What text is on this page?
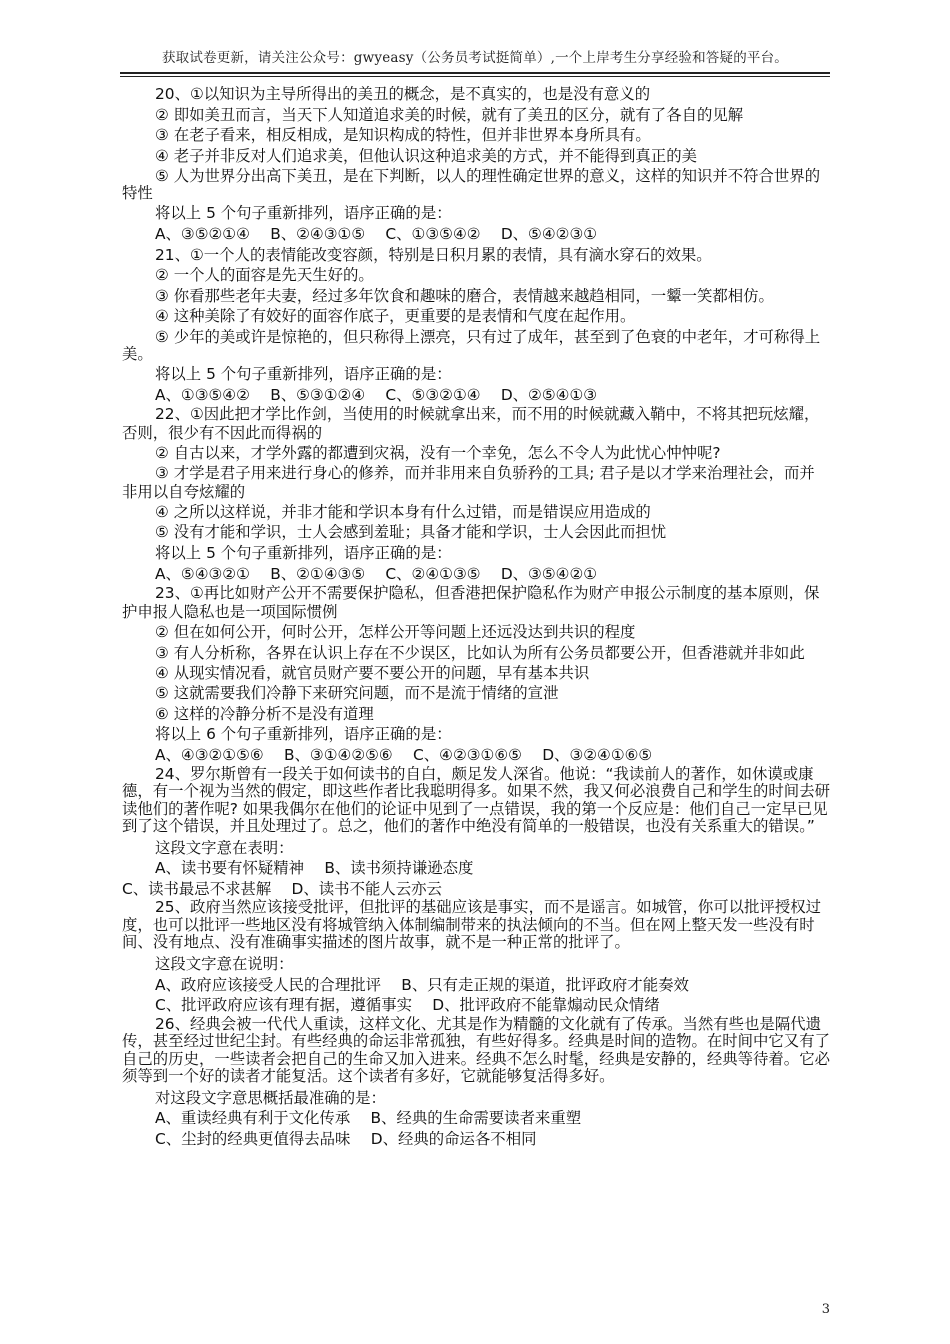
获取试卷更新，请关注公众号：gwyeasy（公务员考试挺简单）,一个上岸考生分享经验和答疑的平台。

20、①以知识为主导所得出的美丑的概念，是不真实的，也是没有意义的

② 即如美丑而言，当天下人知道追求美的时候，就有了美丑的区分，就有了各自的见解

③ 在老子看来，相反相成，是知识构成的特性，但并非世界本身所具有。

④ 老子并非反对人们追求美，但他认识这种追求美的方式，并不能得到真正的美

⑤ 人为世界分出高下美丑，是在下判断，以人的理性确定世界的意义，这样的知识并不符合世界的特性

将以上 5 个句子重新排列，语序正确的是：

A、③⑤②①④　 B、②④③①⑤　 C、①③⑤④②　 D、⑤④②③①

21、①一个人的表情能改变容颜，特别是日积月累的表情，具有滴水穿石的效果。

② 一个人的面容是先天生好的。

③ 你看那些老年夫妻，经过多年饮食和趣味的磨合，表情越来越趋相同，一颦一笑都相仿。

④ 这种美除了有姣好的面容作底子，更重要的是表情和气度在起作用。

⑤ 少年的美或许是惊艳的，但只称得上漂亮，只有过了成年，甚至到了色衰的中老年，才可称得上美。

将以上 5 个句子重新排列，语序正确的是：

A、①③⑤④②　 B、⑤③①②④　 C、⑤③②①④　 D、②⑤④①③

22、①因此把才学比作剑，当使用的时候就拿出来，而不用的时候就藏入鞘中，不将其把玩炫耀，否则，很少有不因此而得祸的

② 自古以来，才学外露的都遭到灾祸，没有一个幸免，怎么不令人为此忧心忡忡呢?

③ 才学是君子用来进行身心的修养，而并非用来自负骄矜的工具; 君子是以才学来治理社会，而并非用以自夸炫耀的

④ 之所以这样说，并非才能和学识本身有什么过错，而是错误应用造成的

⑤ 没有才能和学识，士人会感到羞耻；具备才能和学识，士人会因此而担忧

将以上 5 个句子重新排列，语序正确的是：

A、⑤④③②①　 B、②①④③⑤　 C、②④①③⑤　 D、③⑤④②①

23、①再比如财产公开不需要保护隐私，但香港把保护隐私作为财产申报公示制度的基本原则，保护申报人隐私也是一项国际惯例

② 但在如何公开，何时公开，怎样公开等问题上还远没达到共识的程度

③ 有人分析称，各界在认识上存在不少误区，比如认为所有公务员都要公开，但香港就并非如此

④ 从现实情况看，就官员财产要不要公开的问题，早有基本共识

⑤ 这就需要我们冷静下来研究问题，而不是流于情绪的宣泄

⑥ 这样的冷静分析不是没有道理

将以上 6 个句子重新排列，语序正确的是：

A、④③②①⑤⑥　 B、③①④②⑤⑥　 C、④②③①⑥⑤　 D、③②④①⑥⑤

24、罗尔斯曾有一段关于如何读书的自白，颇足发人深省。他说：“我读前人的著作，如休谟或康德，有一个视为当然的假定，即这些作者比我聪明得多。如果不然，我又何必浪费自己和学生的时间去研读他们的著作呢? 如果我偶尔在他们的论证中见到了一点错误，我的第一个反应是：他们自己一定早已见到了这个错误，并且处理过了。总之，他们的著作中绝没有简单的一般错误，也没有关系重大的错误。”

这段文字意在表明：

A、读书要有怀疑精神　 B、读书须持谦逊态度

C、读书最忌不求甚解　 D、读书不能人云亦云

25、政府当然应该接受批评，但批评的基础应该是事实，而不是谣言。如城管，你可以批评授权过度，也可以批评一些地区没有将城管纳入体制编制带来的执法倾向的不当。但在网上整天发一些没有时间、没有地点、没有准确事实描述的图片故事，就不是一种正常的批评了。

这段文字意在说明：

A、政府应该接受人民的合理批评　 B、只有走正规的渠道，批评政府才能奏效

C、批评政府应该有理有据，遵循事实　 D、批评政府不能靠煽动民众情绪

26、经典会被一代代人重读，这样文化、尤其是作为精髓的文化就有了传承。当然有些也是隔代遗传，甚至经过世纪尘封。有些经典的命运非常孤独，有些好得多。经典是时间的造物。在时间中它又有了自己的历史，一些读者会把自己的生命又加入进来。经典不怎么时髦，经典是安静的，经典等待着。它必须等到一个好的读者才能复活。这个读者有多好，它就能够复活得多好。

对这段文字意思概括最准确的是：

A、重读经典有利于文化传承　 B、经典的生命需要读者来重塑

C、尘封的经典更值得去品味　 D、经典的命运各不相同

3
